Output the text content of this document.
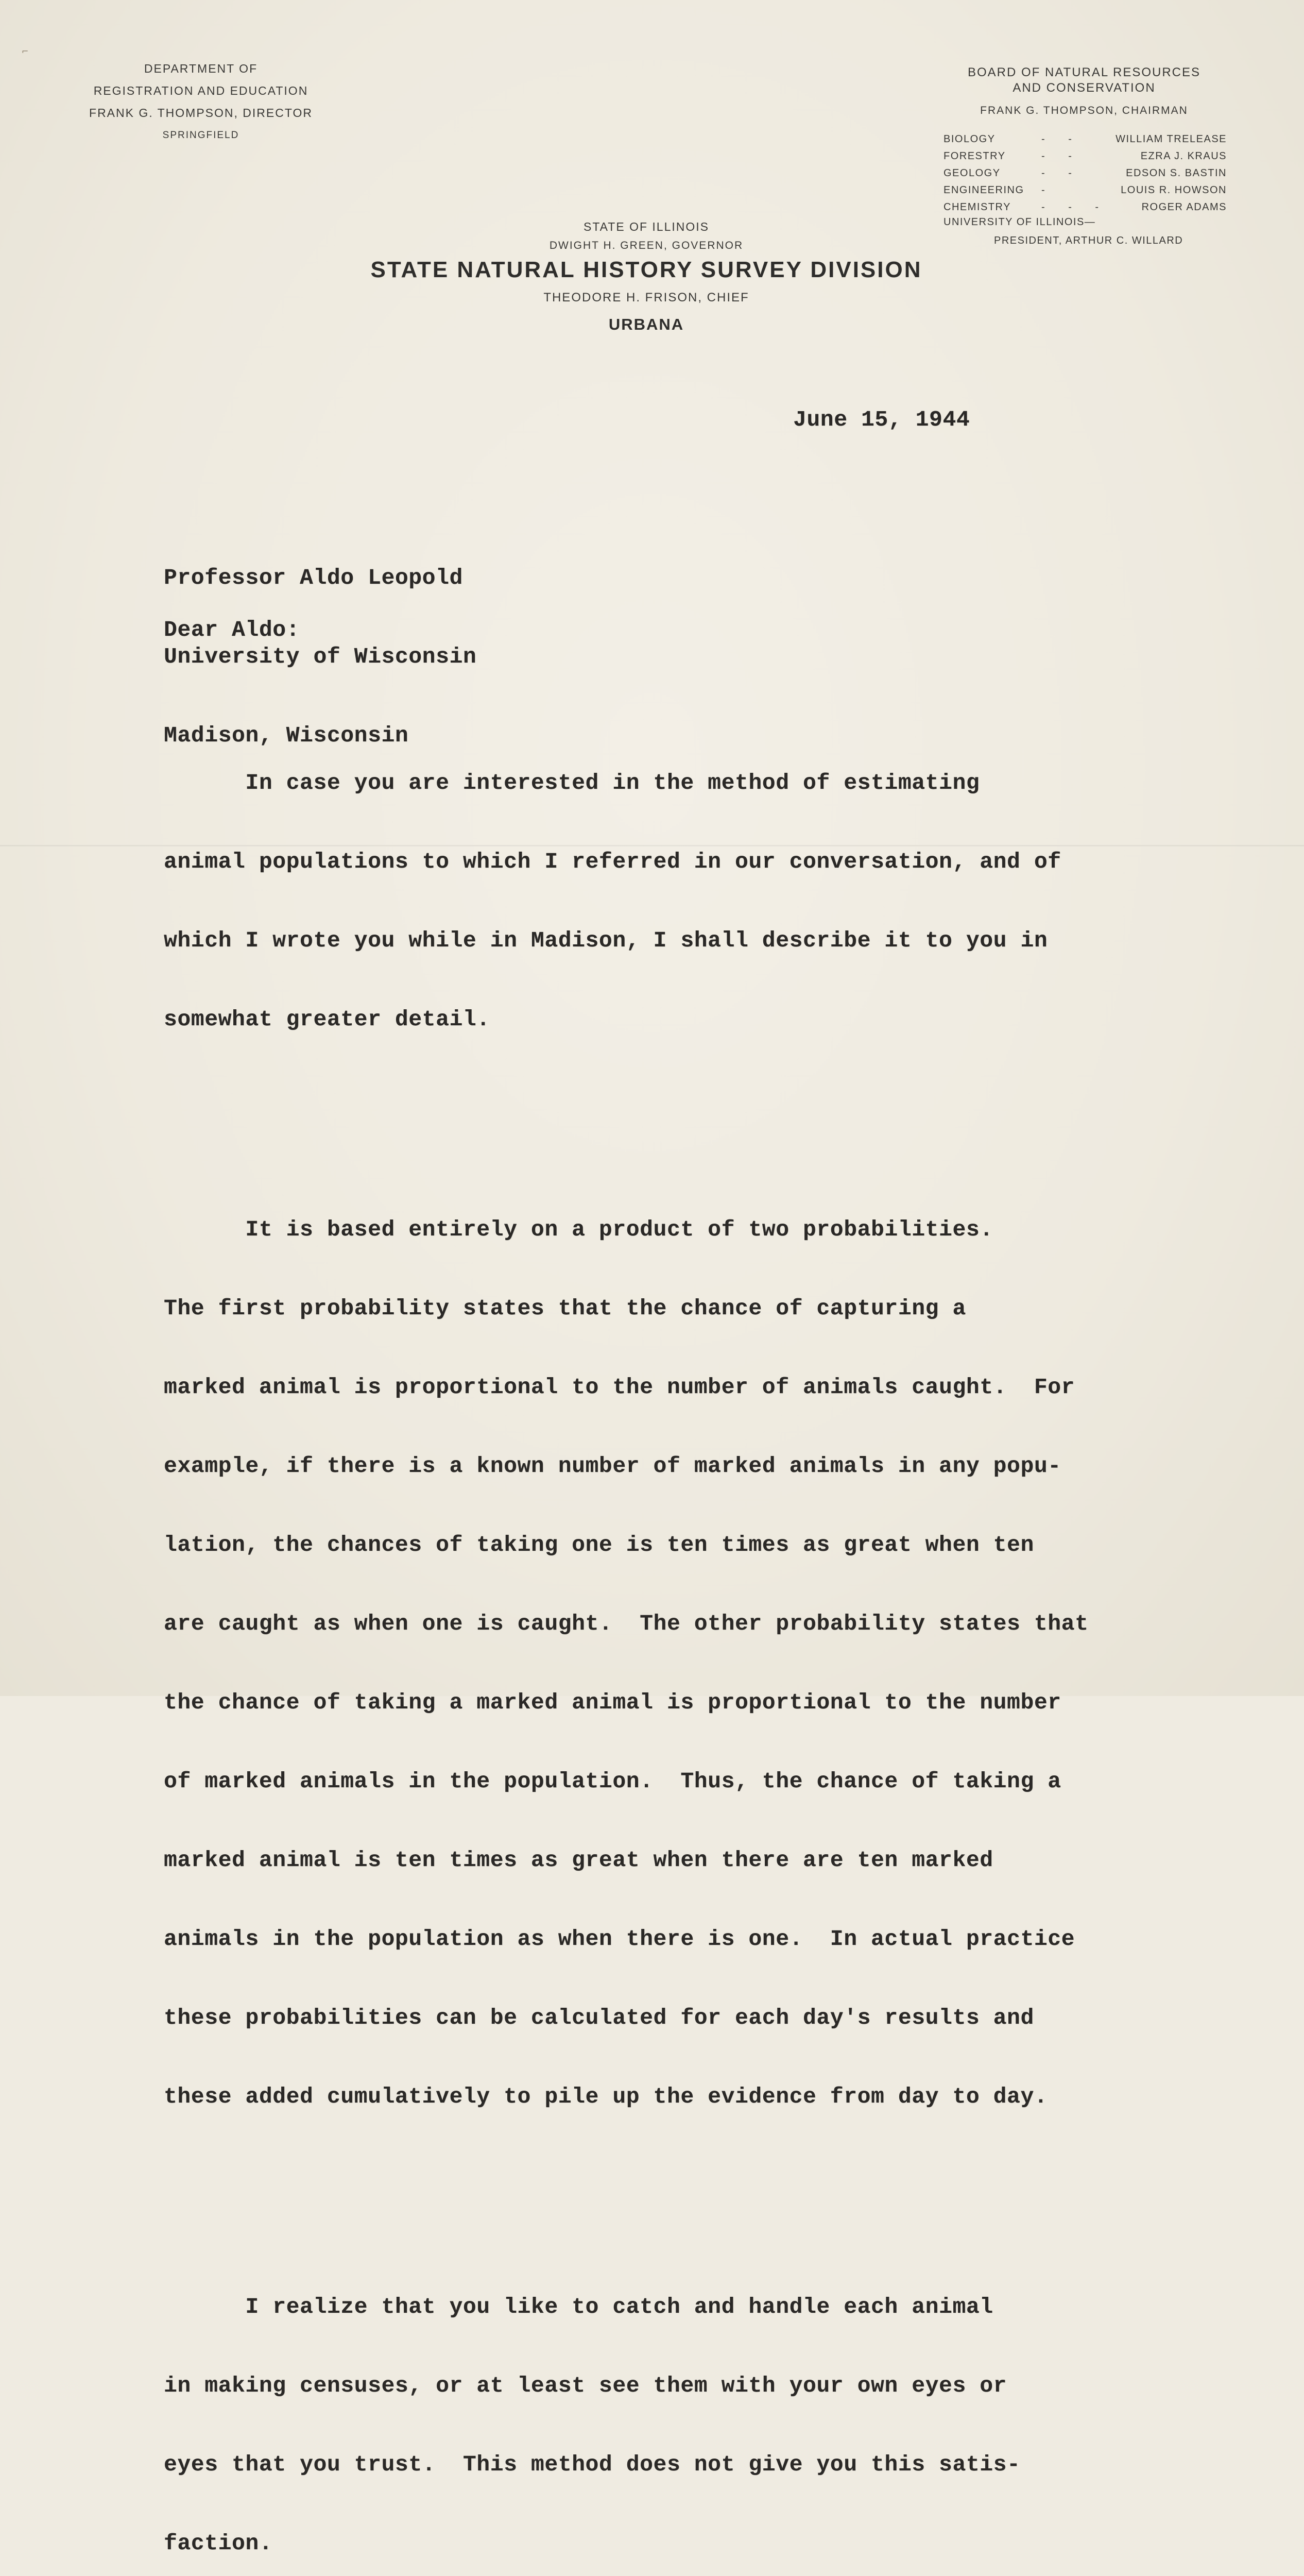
⌐
DEPARTMENT OF
REGISTRATION AND EDUCATION
FRANK G. THOMPSON, DIRECTOR
SPRINGFIELD
BOARD OF NATURAL RESOURCES
AND CONSERVATION
FRANK G. THOMPSON, CHAIRMAN
BIOLOGY	- -	WILLIAM TRELEASE
FORESTRY	- -	EZRA J. KRAUS
GEOLOGY	- -	EDSON S. BASTIN
ENGINEERING -	LOUIS R. HOWSON
CHEMISTRY	- - -	ROGER ADAMS
UNIVERSITY OF ILLINOIS—
PRESIDENT, ARTHUR C. WILLARD
STATE OF ILLINOIS
DWIGHT H. GREEN, GOVERNOR
STATE NATURAL HISTORY SURVEY DIVISION
THEODORE H. FRISON, CHIEF
URBANA
June 15, 1944

Professor Aldo Leopold

University of Wisconsin

Madison, Wisconsin

Dear Aldo:

In case you are interested in the method of estimating

animal populations to which I referred in our conversation, and of

which I wrote you while in Madison, I shall describe it to you in

somewhat greater detail.

It is based entirely on a product of two probabilities.

The first probability states that the chance of capturing a

marked animal is proportional to the number of animals caught.  For

example, if there is a known number of marked animals in any popu-

lation, the chances of taking one is ten times as great when ten

are caught as when one is caught.  The other probability states that

the chance of taking a marked animal is proportional to the number

of marked animals in the population.  Thus, the chance of taking a

marked animal is ten times as great when there are ten marked

animals in the population as when there is one.  In actual practice

these probabilities can be calculated for each day's results and

these added cumulatively to pile up the evidence from day to day.

I realize that you like to catch and handle each animal

in making censuses, or at least see them with your own eyes or

eyes that you trust.  This method does not give you this satis-

faction.
